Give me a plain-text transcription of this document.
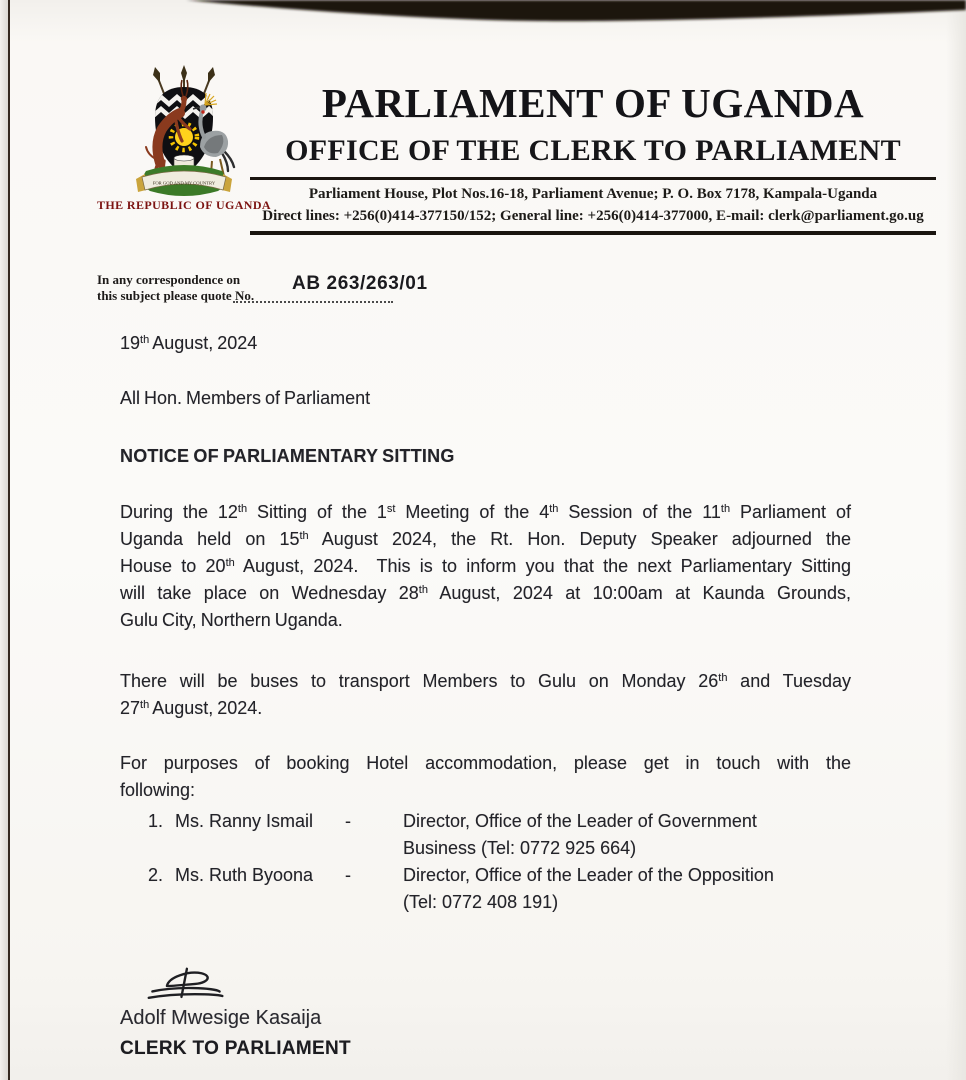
FOR GOD AND MY COUNTRY
THE REPUBLIC OF UGANDA
PARLIAMENT OF UGANDA
OFFICE OF THE CLERK TO PARLIAMENT
Parliament House, Plot Nos.16-18, Parliament Avenue; P. O. Box 7178, Kampala-Uganda
Direct lines: +256(0)414-377150/152; General line: +256(0)414-377000, E-mail: clerk@parliament.go.ug
In any correspondence on
this subject please quote No.
AB 263/263/01
19th August, 2024
All Hon. Members of Parliament
NOTICE OF PARLIAMENTARY SITTING
During the 12th Sitting of the 1st Meeting of the 4th Session of the 11th Parliament of
Uganda held on 15th August 2024, the Rt. Hon. Deputy Speaker adjourned the
House to 20th August, 2024.  This is to inform you that the next Parliamentary Sitting
will take place on Wednesday 28th August, 2024 at 10:00am at Kaunda Grounds,
Gulu City, Northern Uganda.
There will be buses to transport Members to Gulu on Monday 26th and Tuesday
27th August, 2024.
For purposes of booking Hotel accommodation, please get in touch with the
following:
1. Ms. Ranny Ismail	-	Director, Office of the Leader of Government
Business (Tel: 0772 925 664)
2. Ms. Ruth Byoona	-	Director, Office of the Leader of the Opposition
(Tel: 0772 408 191)
Adolf Mwesige Kasaija
CLERK TO PARLIAMENT
